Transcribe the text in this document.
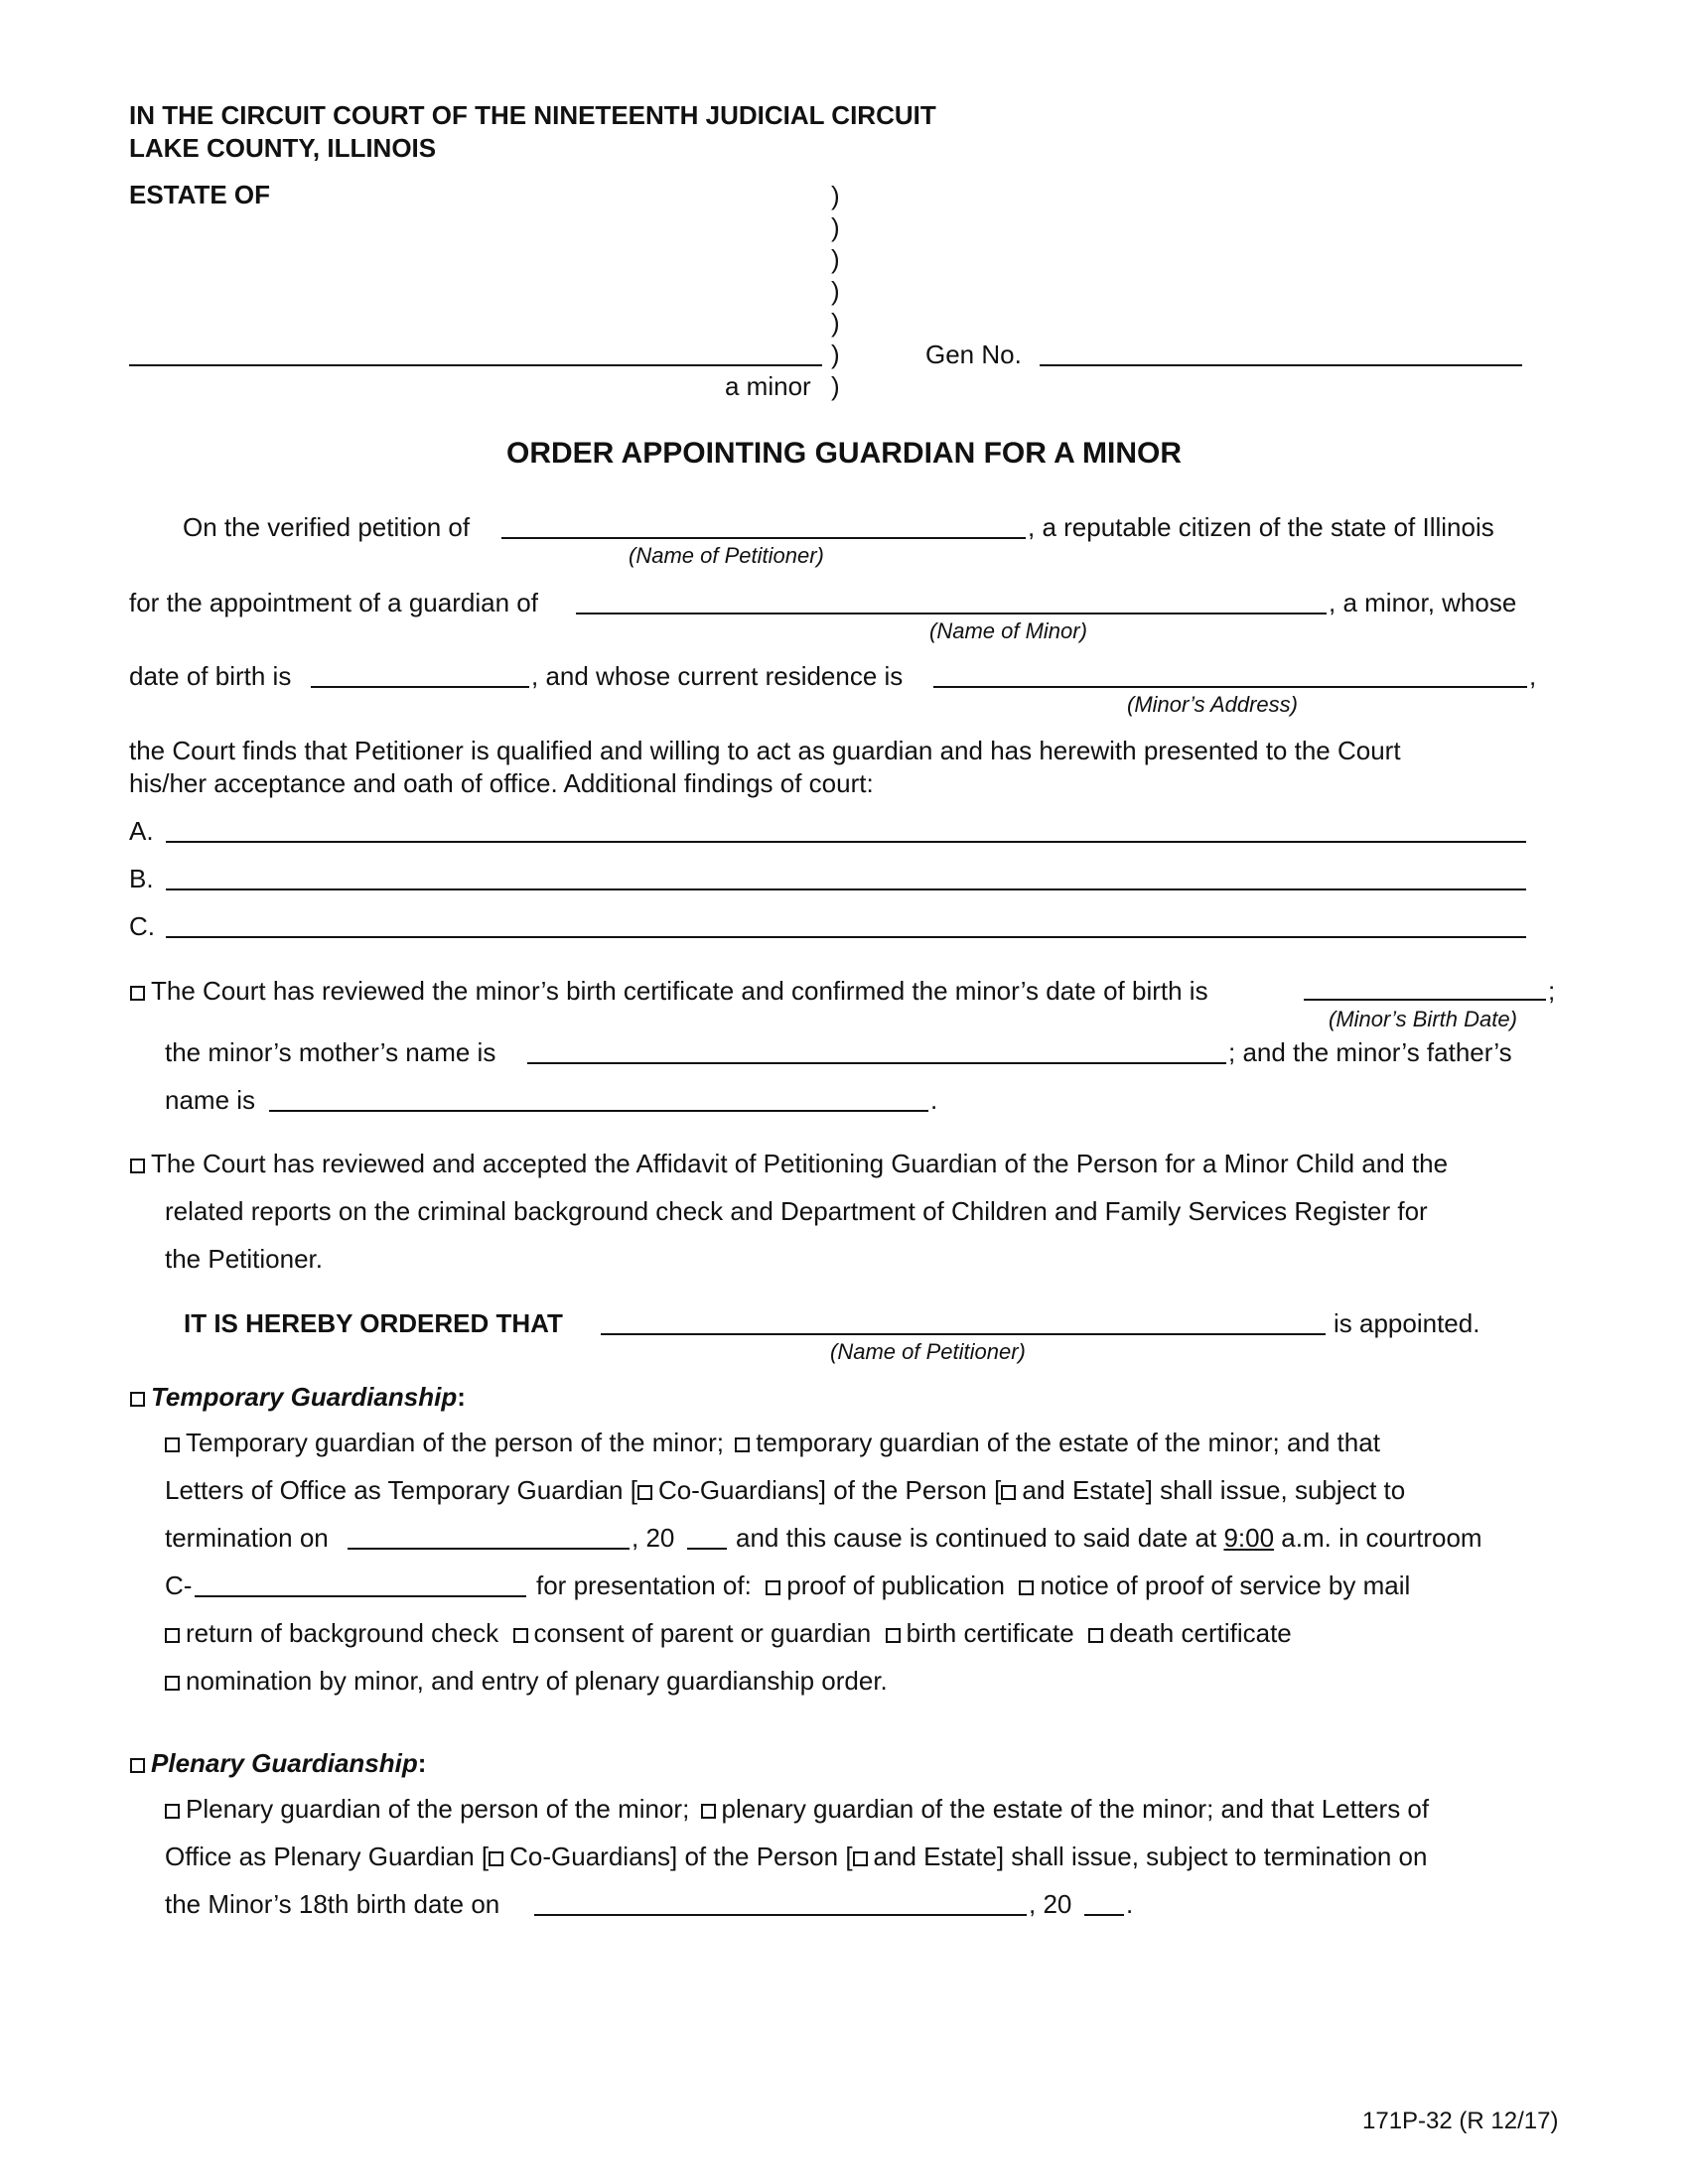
IN THE CIRCUIT COURT OF THE NINETEENTH JUDICIAL CIRCUIT
LAKE COUNTY, ILLINOIS
ESTATE OF	)
)
)
)
)
)
)
a minor
Gen No.
ORDER APPOINTING GUARDIAN FOR A MINOR
On the verified petition of	, a reputable citizen of the state of Illinois
(Name of Petitioner)
for the appointment of a guardian of	, a minor, whose
(Name of Minor)
date of birth is	, and whose current residence is	,
(Minor’s Address)
the Court finds that Petitioner is qualified and willing to act as guardian and has herewith presented to the Court
his/her acceptance and oath of office. Additional findings of court:
A.
B.
C.
The Court has reviewed the minor’s birth certificate and confirmed the minor’s date of birth is	;
(Minor’s Birth Date)
the minor’s mother’s name is	; and the minor’s father’s
name is	.
The Court has reviewed and accepted the Affidavit of Petitioning Guardian of the Person for a Minor Child and the
related reports on the criminal background check and Department of Children and Family Services Register for
the Petitioner.
IT IS HEREBY ORDERED THAT	is appointed.
(Name of Petitioner)
Temporary Guardianship:
Temporary guardian of the person of the minor; temporary guardian of the estate of the minor; and that
Letters of Office as Temporary Guardian [ Co-Guardians] of the Person [ and Estate] shall issue, subject to
termination on	, 20 and this cause is continued to said date at 9:00 a.m. in courtroom
C-	for presentation of: proof of publication notice of proof of service by mail
return of background check consent of parent or guardian birth certificate death certificate
nomination by minor, and entry of plenary guardianship order.
Plenary Guardianship:
Plenary guardian of the person of the minor; plenary guardian of the estate of the minor; and that Letters of
Office as Plenary Guardian [ Co-Guardians] of the Person [ and Estate] shall issue, subject to termination on
the Minor’s 18th birth date on	, 20 .
171P-32 (R 12/17)
